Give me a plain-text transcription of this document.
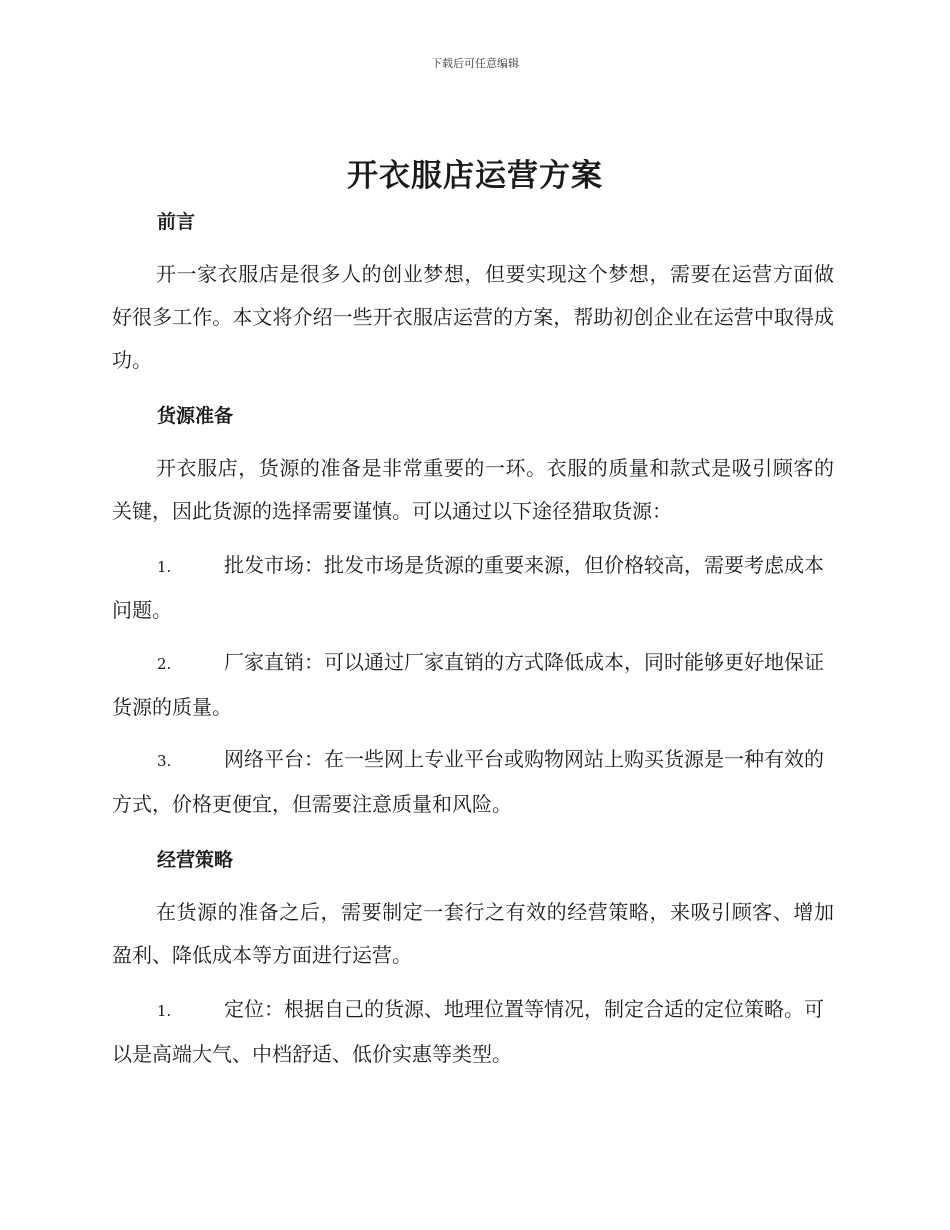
下载后可任意编辑
开衣服店运营方案
前言
开一家衣服店是很多人的创业梦想，但要实现这个梦想，需要在运营方面做好很多工作。本文将介绍一些开衣服店运营的方案，帮助初创企业在运营中取得成功。
货源准备
开衣服店，货源的准备是非常重要的一环。衣服的质量和款式是吸引顾客的关键，因此货源的选择需要谨慎。可以通过以下途径猎取货源：
1.	批发市场：批发市场是货源的重要来源，但价格较高，需要考虑成本问题。
2.	厂家直销：可以通过厂家直销的方式降低成本，同时能够更好地保证货源的质量。
3.	网络平台：在一些网上专业平台或购物网站上购买货源是一种有效的方式，价格更便宜，但需要注意质量和风险。
经营策略
在货源的准备之后，需要制定一套行之有效的经营策略，来吸引顾客、增加盈利、降低成本等方面进行运营。
1.	定位：根据自己的货源、地理位置等情况，制定合适的定位策略。可以是高端大气、中档舒适、低价实惠等类型。
